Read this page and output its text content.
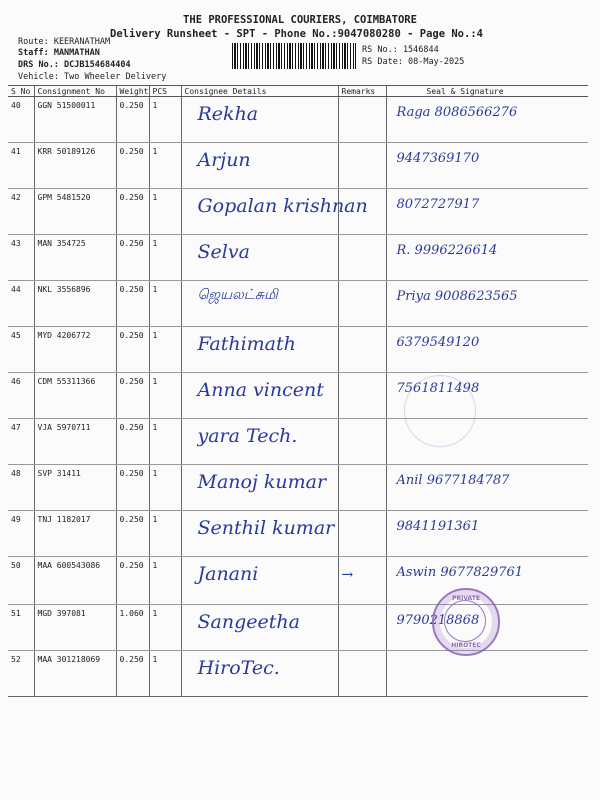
THE PROFESSIONAL COURIERS, COIMBATORE
Delivery Runsheet - SPT - Phone No.:9047080280 - Page No.:4
Route: KEERANATHAM
Staff: MANMATHAN
DRS No.: DCJB154684404
Vehicle: Two Wheeler Delivery
RS No.: 1546844
RS Date: 08-May-2025
S No	Consignment No	Weight	PCS	Consignee Details	Remarks	Seal & Signature
40	GGN 51500011	0.250	1	Rekha		Raga 8086566276
41	KRR 50189126	0.250	1	Arjun		9447369170
42	GPM 5481520	0.250	1	Gopalan krishnan		8072727917
43	MAN 354725	0.250	1	Selva		R. 9996226614
44	NKL 3556896	0.250	1	ஜெயலட்சுமி		Priya 9008623565
45	MYD 4206772	0.250	1	Fathimath		6379549120
46	CDM 55311366	0.250	1	Anna vincent		7561811498
47	VJA 5970711	0.250	1	yara Tech.		
48	SVP 31411	0.250	1	Manoj kumar		Anil 9677184787
49	TNJ 1182017	0.250	1	Senthil kumar		9841191361
50	MAA 600543086	0.250	1	Janani	→	Aswin 9677829761
51	MGD 397081	1.060	1	Sangeetha		9790218868
52	MAA 301218069	0.250	1	HiroTec.		
PRIVATE
HIROTEC
